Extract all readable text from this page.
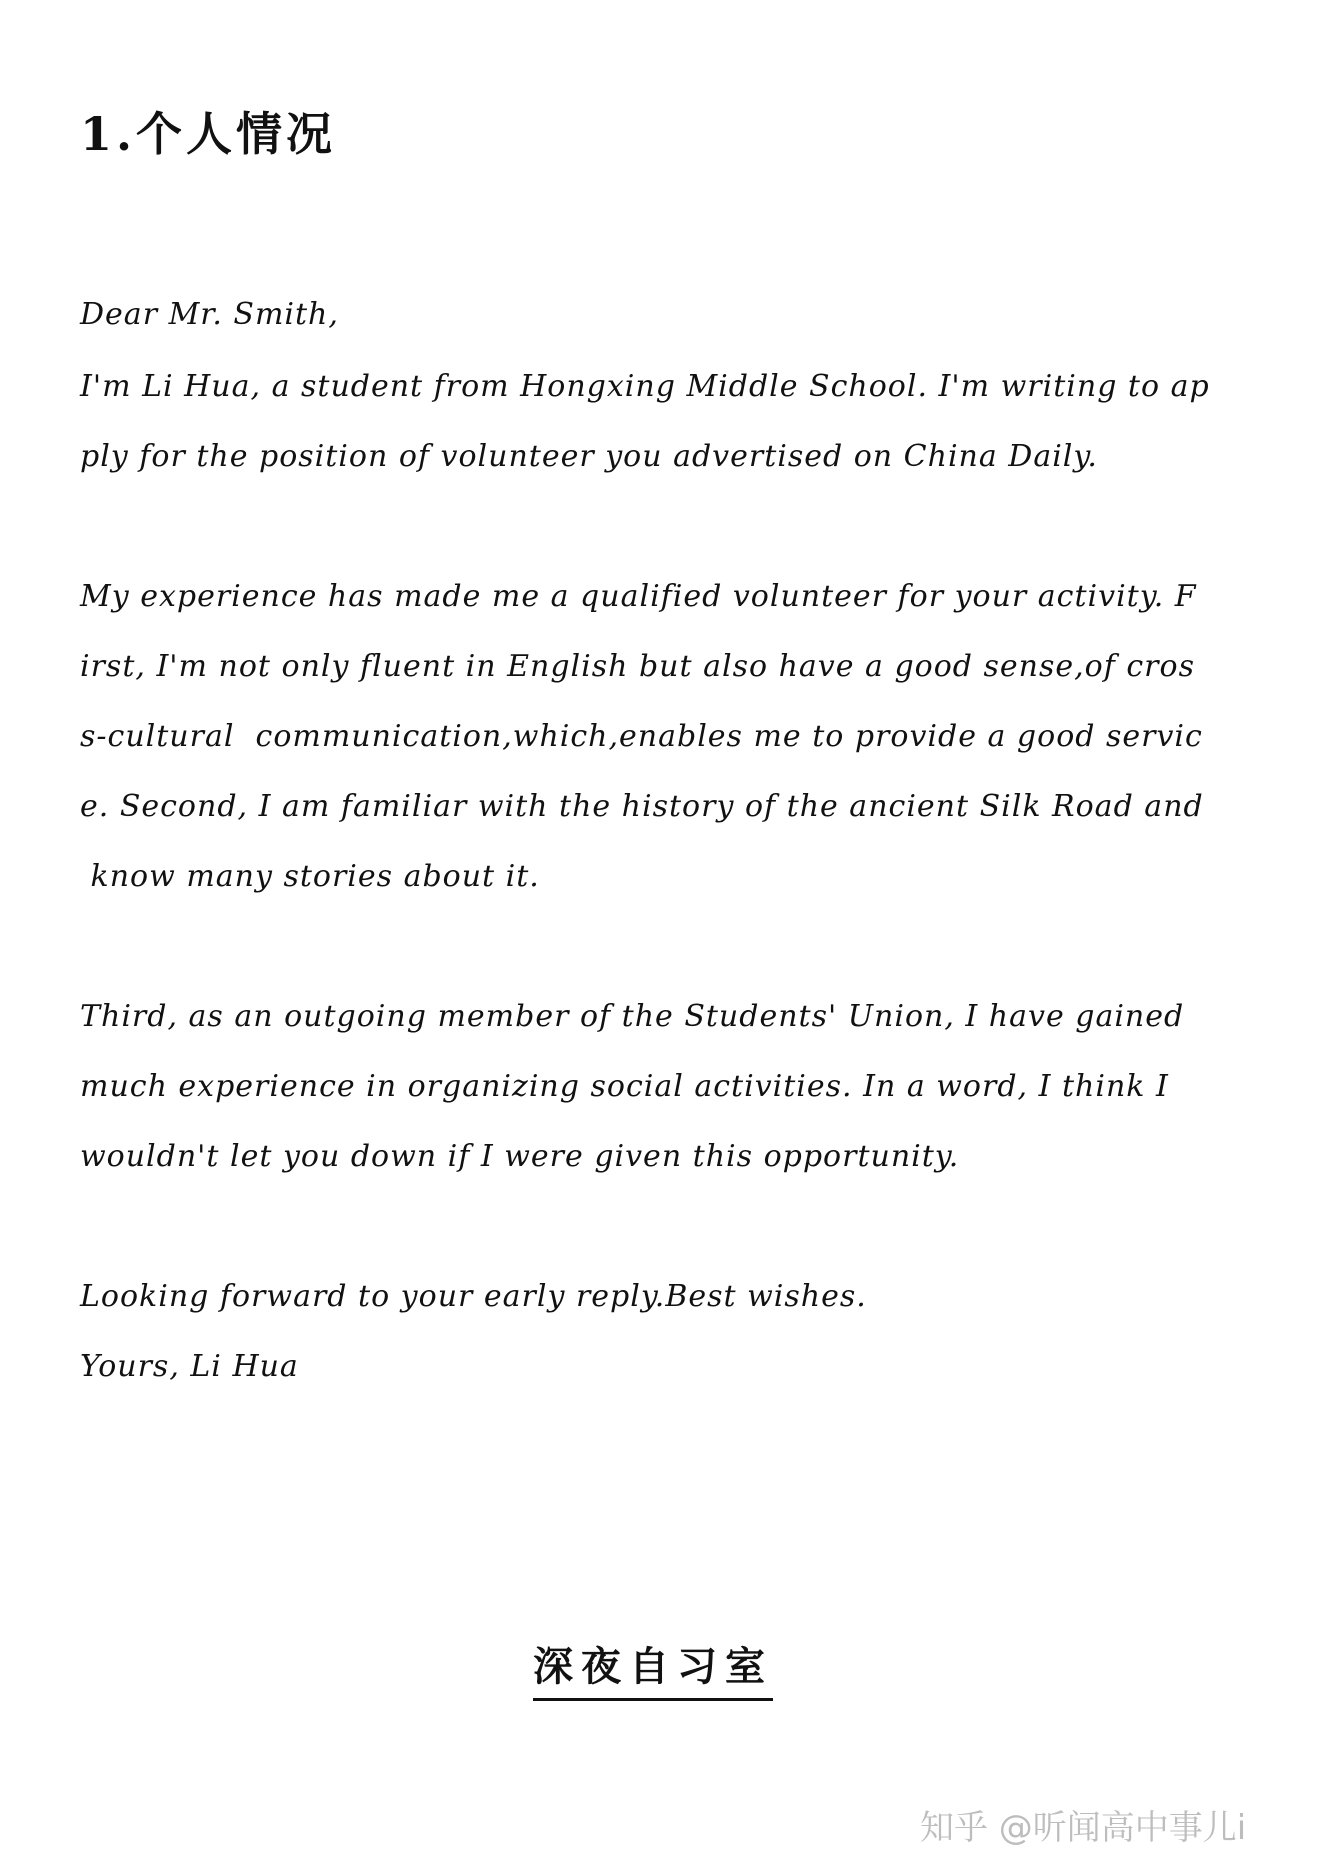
1.个人情况

Dear Mr. Smith,

I'm Li Hua, a student from Hongxing Middle School. I'm writing to ap

ply for the position of volunteer you advertised on China Daily.

My experience has made me a qualified volunteer for your activity. F

irst, I'm not only fluent in English but also have a good sense,of cros

s-cultural  communication,which,enables me to provide a good servic

e. Second, I am familiar with the history of the ancient Silk Road and

know many stories about it.

Third, as an outgoing member of the Students' Union, I have gained

much experience in organizing social activities. In a word, I think I

wouldn't let you down if I were given this opportunity.

Looking forward to your early reply.Best wishes.

Yours, Li Hua

深夜自习室

知乎 @听闻高中事儿i
